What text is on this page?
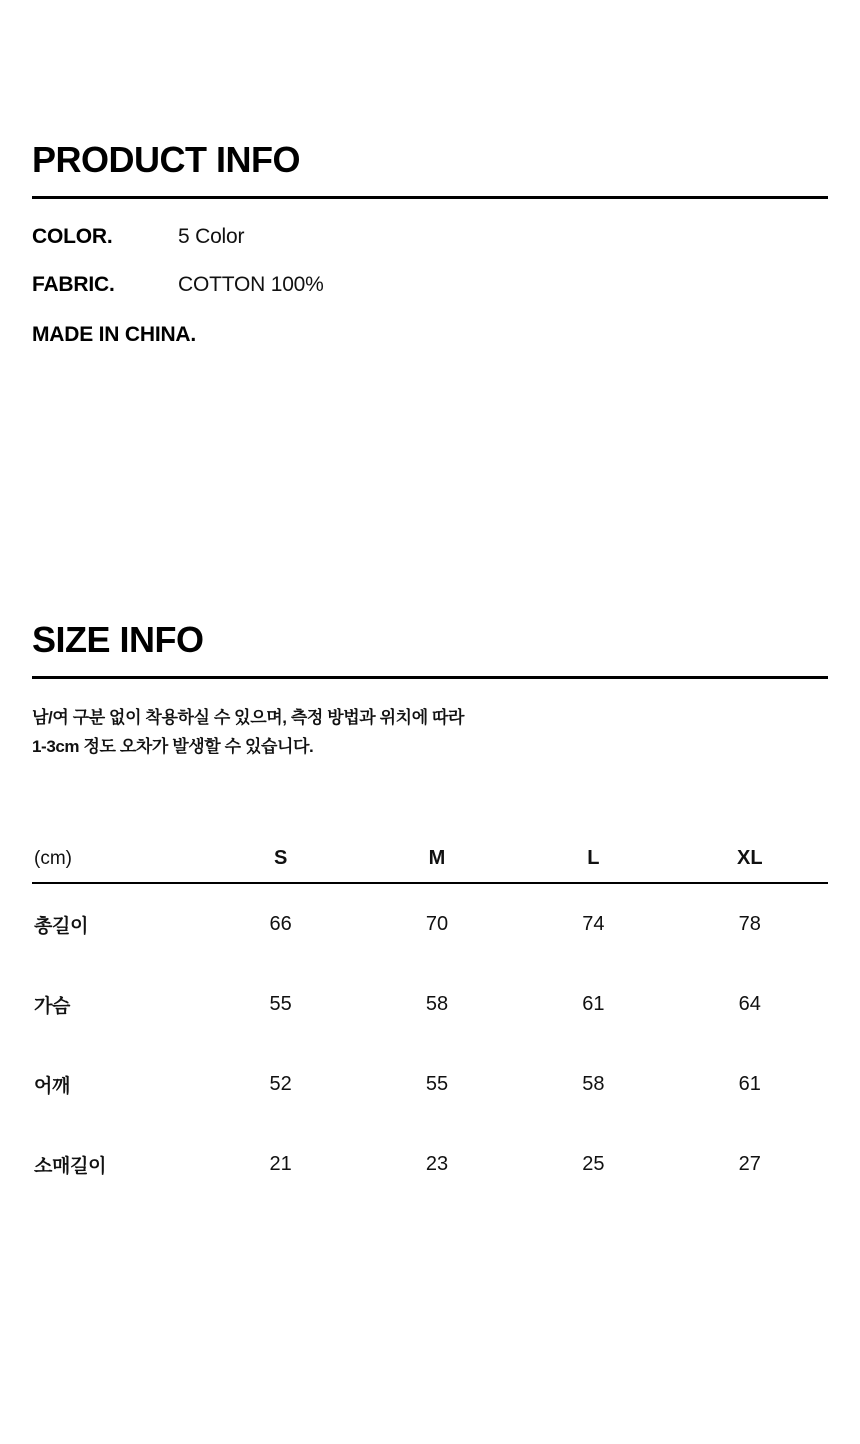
PRODUCT INFO
COLOR.	5 Color
FABRIC.	COTTON 100%
MADE IN CHINA.
SIZE INFO
남/여 구분 없이 착용하실 수 있으며, 측정 방법과 위치에 따라
1-3cm 정도 오차가 발생할 수 있습니다.
(cm)	S	M	L	XL
총길이	66	70	74	78
가슴	55	58	61	64
어깨	52	55	58	61
소매길이	21	23	25	27
